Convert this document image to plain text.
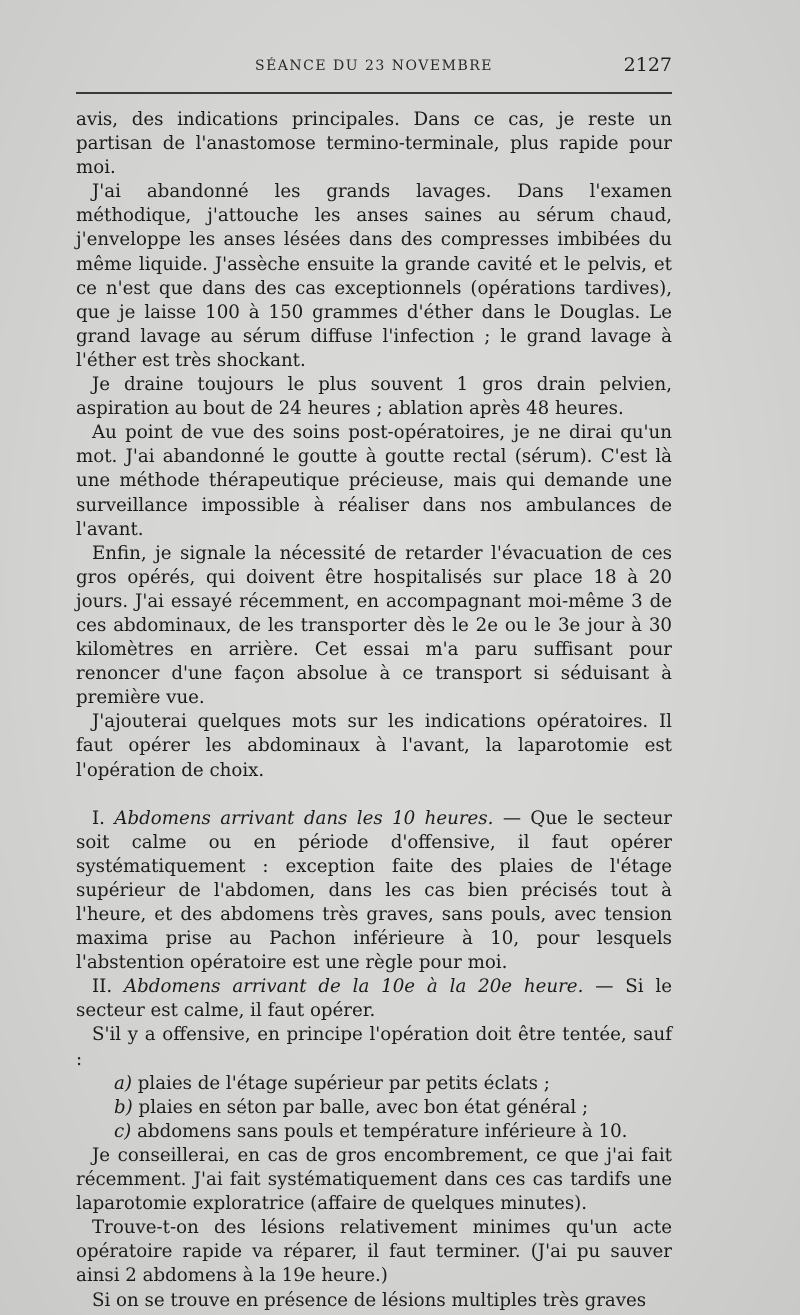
SÉANCE DU 23 NOVEMBRE	2127

avis, des indications principales. Dans ce cas, je reste un partisan de l'anastomose termino-terminale, plus rapide pour moi.

J'ai abandonné les grands lavages. Dans l'examen méthodique, j'attouche les anses saines au sérum chaud, j'enveloppe les anses lésées dans des compresses imbibées du même liquide. J'assèche ensuite la grande cavité et le pelvis, et ce n'est que dans des cas exceptionnels (opérations tardives), que je laisse 100 à 150 grammes d'éther dans le Douglas. Le grand lavage au sérum diffuse l'infection ; le grand lavage à l'éther est très shockant.

Je draine toujours le plus souvent 1 gros drain pelvien, aspiration au bout de 24 heures ; ablation après 48 heures.

Au point de vue des soins post-opératoires, je ne dirai qu'un mot. J'ai abandonné le goutte à goutte rectal (sérum). C'est là une méthode thérapeutique précieuse, mais qui demande une surveillance impossible à réaliser dans nos ambulances de l'avant.

Enfin, je signale la nécessité de retarder l'évacuation de ces gros opérés, qui doivent être hospitalisés sur place 18 à 20 jours. J'ai essayé récemment, en accompagnant moi-même 3 de ces abdominaux, de les transporter dès le 2e ou le 3e jour à 30 kilomètres en arrière. Cet essai m'a paru suffisant pour renoncer d'une façon absolue à ce transport si séduisant à première vue.

J'ajouterai quelques mots sur les indications opératoires. Il faut opérer les abdominaux à l'avant, la laparotomie est l'opération de choix.

I. Abdomens arrivant dans les 10 heures. — Que le secteur soit calme ou en période d'offensive, il faut opérer systématiquement : exception faite des plaies de l'étage supérieur de l'abdomen, dans les cas bien précisés tout à l'heure, et des abdomens très graves, sans pouls, avec tension maxima prise au Pachon inférieure à 10, pour lesquels l'abstention opératoire est une règle pour moi.

II. Abdomens arrivant de la 10e à la 20e heure. — Si le secteur est calme, il faut opérer.

S'il y a offensive, en principe l'opération doit être tentée, sauf :

a) plaies de l'étage supérieur par petits éclats ;

b) plaies en séton par balle, avec bon état général ;

c) abdomens sans pouls et température inférieure à 10.

Je conseillerai, en cas de gros encombrement, ce que j'ai fait récemment. J'ai fait systématiquement dans ces cas tardifs une laparotomie exploratrice (affaire de quelques minutes).

Trouve-t-on des lésions relativement minimes qu'un acte opératoire rapide va réparer, il faut terminer. (J'ai pu sauver ainsi 2 abdomens à la 19e heure.)

Si on se trouve en présence de lésions multiples très graves
